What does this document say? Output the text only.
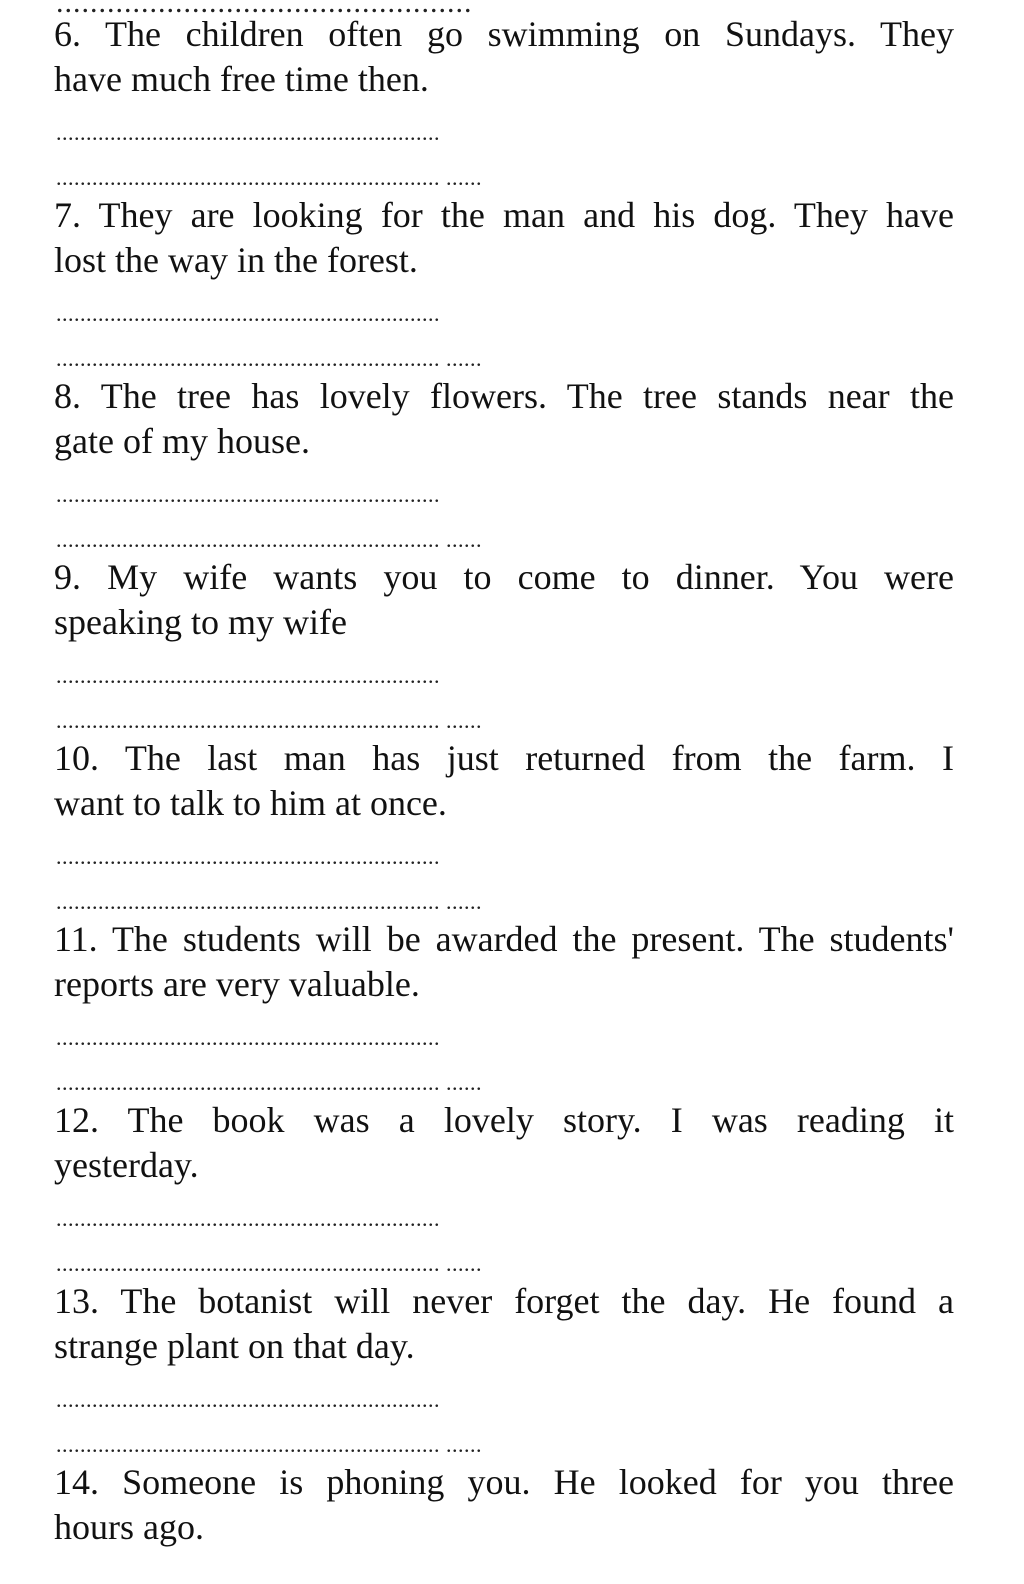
.................................................

6. The children often go swimming on Sundays. They

have much free time then.

................................................................
................................................................ ......

7. They are looking for the man and his dog. They have

lost the way in the forest.

................................................................
................................................................ ......

8. The tree has lovely flowers. The tree stands near the

gate of my house.

................................................................
................................................................ ......

9. My wife wants you to come to dinner. You were

speaking to my wife

................................................................
................................................................ ......

10. The last man has just returned from the farm. I

want to talk to him at once.

................................................................
................................................................ ......

11. The students will be awarded the present. The students'

reports are very valuable.

................................................................
................................................................ ......

12. The book was a lovely story. I was reading it

yesterday.

................................................................
................................................................ ......

13. The botanist will never forget the day. He found a

strange plant on that day.

................................................................
................................................................ ......

14. Someone is phoning you. He looked for you three

hours ago.
